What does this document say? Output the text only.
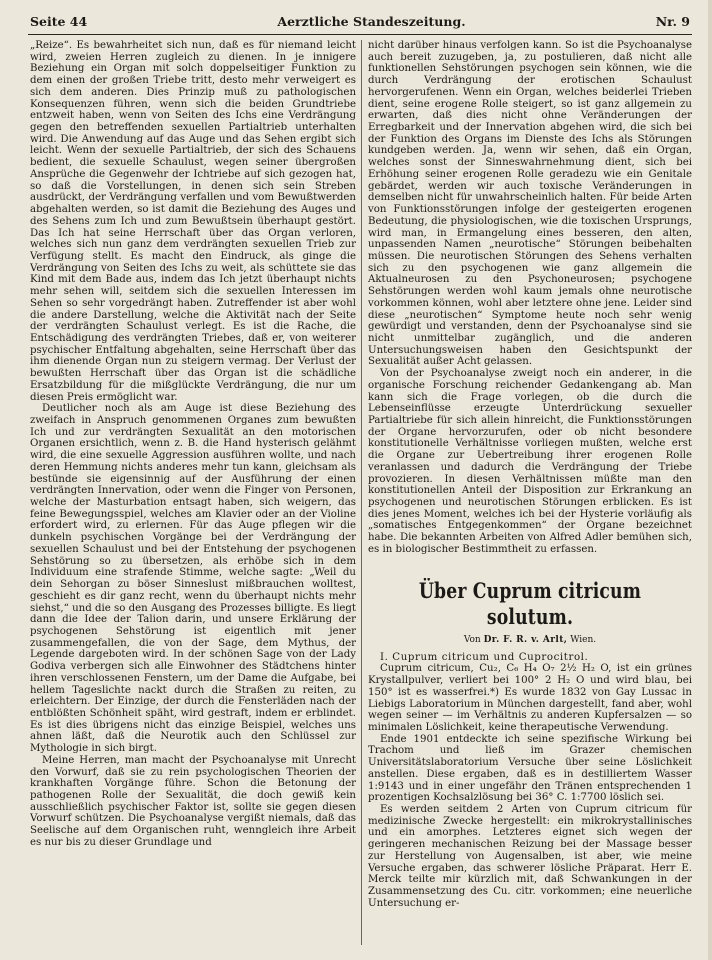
Seite 44	Aerztliche Standeszeitung.	Nr. 9

„Reize“. Es bewahrheitet sich nun, daß es für niemand leicht wird, zweien Herren zugleich zu dienen. In je innigere Beziehung ein Organ mit solch doppelseitiger Funktion zu dem einen der großen Triebe tritt, desto mehr verweigert es sich dem anderen. Dies Prinzip muß zu pathologischen Konsequenzen führen, wenn sich die beiden Grundtriebe entzweit haben, wenn von Seiten des Ichs eine Verdrängung gegen den betreffenden sexuellen Partialtrieb unterhalten wird. Die Anwendung auf das Auge und das Sehen ergibt sich leicht. Wenn der sexuelle Partialtrieb, der sich des Schauens bedient, die sexuelle Schaulust, wegen seiner übergroßen Ansprüche die Gegenwehr der Ichtriebe auf sich gezogen hat, so daß die Vorstellungen, in denen sich sein Streben ausdrückt, der Verdrängung verfallen und vom Bewußtwerden abgehalten werden, so ist damit die Beziehung des Auges und des Sehens zum Ich und zum Bewußtsein überhaupt gestört. Das Ich hat seine Herrschaft über das Organ verloren, welches sich nun ganz dem verdrängten sexuellen Trieb zur Verfügung stellt. Es macht den Eindruck, als ginge die Verdrängung von Seiten des Ichs zu weit, als schüttete sie das Kind mit dem Bade aus, indem das Ich jetzt überhaupt nichts mehr sehen will, seitdem sich die sexuellen Interessen im Sehen so sehr vorgedrängt haben. Zutreffender ist aber wohl die andere Darstellung, welche die Aktivität nach der Seite der verdrängten Schaulust verlegt. Es ist die Rache, die Entschädigung des verdrängten Triebes, daß er, von weiterer psychischer Entfaltung abgehalten, seine Herrschaft über das ihm dienende Organ nun zu steigern vermag. Der Verlust der bewußten Herrschaft über das Organ ist die schädliche Ersatzbildung für die mißglückte Verdrängung, die nur um diesen Preis ermöglicht war.

Deutlicher noch als am Auge ist diese Beziehung des zweifach in Anspruch genommenen Organes zum bewußten Ich und zur verdrängten Sexualität an den motorischen Organen ersichtlich, wenn z. B. die Hand hysterisch gelähmt wird, die eine sexuelle Aggression ausführen wollte, und nach deren Hemmung nichts anderes mehr tun kann, gleichsam als bestünde sie eigensinnig auf der Ausführung der einen verdrängten Innervation, oder wenn die Finger von Personen, welche der Masturbation entsagt haben, sich weigern, das feine Bewegungsspiel, welches am Klavier oder an der Violine erfordert wird, zu erlernen. Für das Auge pflegen wir die dunkeln psychischen Vorgänge bei der Verdrängung der sexuellen Schaulust und bei der Entstehung der psychogenen Sehstörung so zu übersetzen, als erhöbe sich in dem Individuum eine strafende Stimme, welche sagte: „Weil du dein Sehorgan zu böser Sinneslust mißbrauchen wolltest, geschieht es dir ganz recht, wenn du überhaupt nichts mehr siehst,“ und die so den Ausgang des Prozesses billigte. Es liegt dann die Idee der Talion darin, und unsere Erklärung der psychogenen Sehstörung ist eigentlich mit jener zusammengefallen, die von der Sage, dem Mythus, der Legende dargeboten wird. In der schönen Sage von der Lady Godiva verbergen sich alle Einwohner des Städtchens hinter ihren verschlossenen Fenstern, um der Dame die Aufgabe, bei hellem Tageslichte nackt durch die Straßen zu reiten, zu erleichtern. Der Einzige, der durch die Fensterläden nach der entblößten Schönheit späht, wird gestraft, indem er erblindet. Es ist dies übrigens nicht das einzige Beispiel, welches uns ahnen läßt, daß die Neurotik auch den Schlüssel zur Mythologie in sich birgt.

Meine Herren, man macht der Psychoanalyse mit Unrecht den Vorwurf, daß sie zu rein psychologischen Theorien der krankhaften Vorgänge führe. Schon die Betonung der pathogenen Rolle der Sexualität, die doch gewiß kein ausschließlich psychischer Faktor ist, sollte sie gegen diesen Vorwurf schützen. Die Psychoanalyse vergißt niemals, daß das Seelische auf dem Organischen ruht, wenngleich ihre Arbeit es nur bis zu dieser Grundlage und

nicht darüber hinaus verfolgen kann. So ist die Psychoanalyse auch bereit zuzugeben, ja, zu postulieren, daß nicht alle funktionellen Sehstörungen psychogen sein können, wie die durch Verdrängung der erotischen Schaulust hervorgerufenen. Wenn ein Organ, welches beiderlei Trieben dient, seine erogene Rolle steigert, so ist ganz allgemein zu erwarten, daß dies nicht ohne Veränderungen der Erregbarkeit und der Innervation abgehen wird, die sich bei der Funktion des Organs im Dienste des Ichs als Störungen kundgeben werden. Ja, wenn wir sehen, daß ein Organ, welches sonst der Sinneswahrnehmung dient, sich bei Erhöhung seiner erogenen Rolle geradezu wie ein Genitale gebärdet, werden wir auch toxische Veränderungen in demselben nicht für unwahrscheinlich halten. Für beide Arten von Funktionsstörungen infolge der gesteigerten erogenen Bedeutung, die physiologischen, wie die toxischen Ursprungs, wird man, in Ermangelung eines besseren, den alten, unpassenden Namen „neurotische“ Störungen beibehalten müssen. Die neurotischen Störungen des Sehens verhalten sich zu den psychogenen wie ganz allgemein die Aktualneurosen zu den Psychoneurosen; psychogene Sehstörungen werden wohl kaum jemals ohne neurotische vorkommen können, wohl aber letztere ohne jene. Leider sind diese „neurotischen“ Symptome heute noch sehr wenig gewürdigt und verstanden, denn der Psychoanalyse sind sie nicht unmittelbar zugänglich, und die anderen Untersuchungsweisen haben den Gesichtspunkt der Sexualität außer Acht gelassen.

Von der Psychoanalyse zweigt noch ein anderer, in die organische Forschung reichender Gedankengang ab. Man kann sich die Frage vorlegen, ob die durch die Lebenseinflüsse erzeugte Unterdrückung sexueller Partialtriebe für sich allein hinreicht, die Funktionsstörungen der Organe hervorzurufen, oder ob nicht besondere konstitutionelle Verhältnisse vorliegen mußten, welche erst die Organe zur Uebertreibung ihrer erogenen Rolle veranlassen und dadurch die Verdrängung der Triebe provozieren. In diesen Verhältnissen müßte man den konstitutionellen Anteil der Disposition zur Erkrankung an psychogenen und neurotischen Störungen erblicken. Es ist dies jenes Moment, welches ich bei der Hysterie vorläufig als „somatisches Entgegenkommen“ der Organe bezeichnet habe. Die bekannten Arbeiten von Alfred Adler bemühen sich, es in biologischer Bestimmtheit zu erfassen.

Über Cuprum citricum solutum.
Von Dr. F. R. v. Arlt, Wien.

I. Cuprum citricum und Cuprocitrol.

Cuprum citricum, Cu₂, C₆ H₄ O₇ 2½ H₂ O, ist ein grünes Krystallpulver, verliert bei 100° 2 H₂ O und wird blau, bei 150° ist es wasserfrei.*) Es wurde 1832 von Gay Lussac in Liebigs Laboratorium in München dargestellt, fand aber, wohl wegen seiner — im Verhältnis zu anderen Kupfersalzen — so minimalen Löslichkeit, keine therapeutische Verwendung.

Ende 1901 entdeckte ich seine spezifische Wirkung bei Trachom und ließ im Grazer chemischen Universitätslaboratorium Versuche über seine Löslichkeit anstellen. Diese ergaben, daß es in destilliertem Wasser 1:9143 und in einer ungefähr den Tränen entsprechenden 1 prozentigen Kochsalzlösung bei 36° C. 1:7700 löslich sei.

Es werden seitdem 2 Arten von Cuprum citricum für medizinische Zwecke hergestellt: ein mikrokrystallinisches und ein amorphes. Letzteres eignet sich wegen der geringeren mechanischen Reizung bei der Massage besser zur Herstellung von Augensalben, ist aber, wie meine Versuche ergaben, das schwerer lösliche Präparat. Herr E. Merck teilte mir kürzlich mit, daß Schwankungen in der Zusammensetzung des Cu. citr. vorkommen; eine neuerliche Untersuchung er-
